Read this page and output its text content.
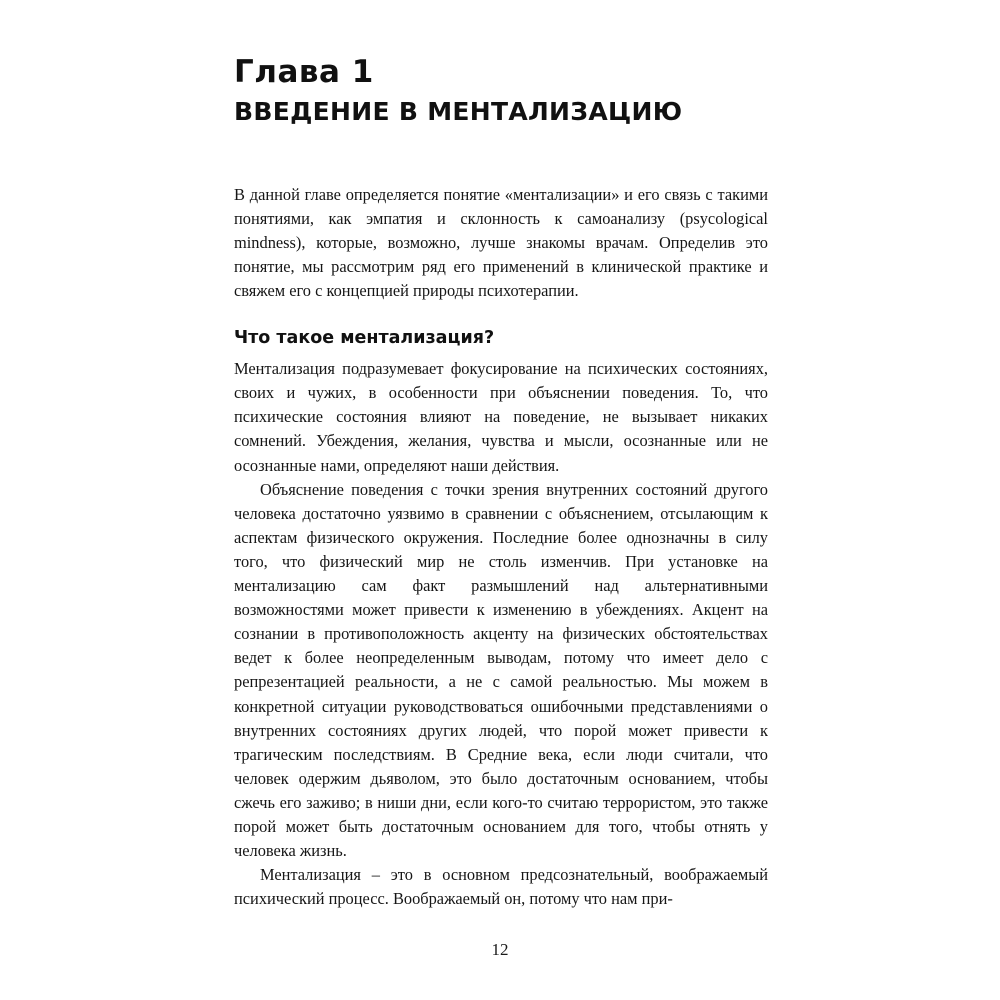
Глава 1
ВВЕДЕНИЕ В МЕНТАЛИЗАЦИЮ

В данной главе определяется понятие «ментализации» и его связь с такими понятиями, как эмпатия и склонность к самоанализу (psycological mindness), которые, возможно, лучше знакомы врачам. Определив это понятие, мы рассмотрим ряд его применений в клинической практике и свяжем его с концепцией природы психотерапии.

Что такое ментализация?

Ментализация подразумевает фокусирование на психических состояниях, своих и чужих, в особенности при объяснении поведения. То, что психические состояния влияют на поведение, не вызывает никаких сомнений. Убеждения, желания, чувства и мысли, осознанные или не осознанные нами, определяют наши действия.

Объяснение поведения с точки зрения внутренних состояний другого человека достаточно уязвимо в сравнении с объяснением, отсылающим к аспектам физического окружения. Последние более однозначны в силу того, что физический мир не столь изменчив. При установке на ментализацию сам факт размышлений над альтернативными возможностями может привести к изменению в убеждениях. Акцент на сознании в противоположность акценту на физических обстоятельствах ведет к более неопределенным выводам, потому что имеет дело с репрезентацией реальности, а не с самой реальностью. Мы можем в конкретной ситуации руководствоваться ошибочными представлениями о внутренних состояниях других людей, что порой может привести к трагическим последствиям. В Средние века, если люди считали, что человек одержим дьяволом, это было достаточным основанием, чтобы сжечь его заживо; в ниши дни, если кого-то считаю террористом, это также порой может быть достаточным основанием для того, чтобы отнять у человека жизнь.

Ментализация – это в основном предсознательный, воображаемый психический процесс. Воображаемый он, потому что нам при-

12
